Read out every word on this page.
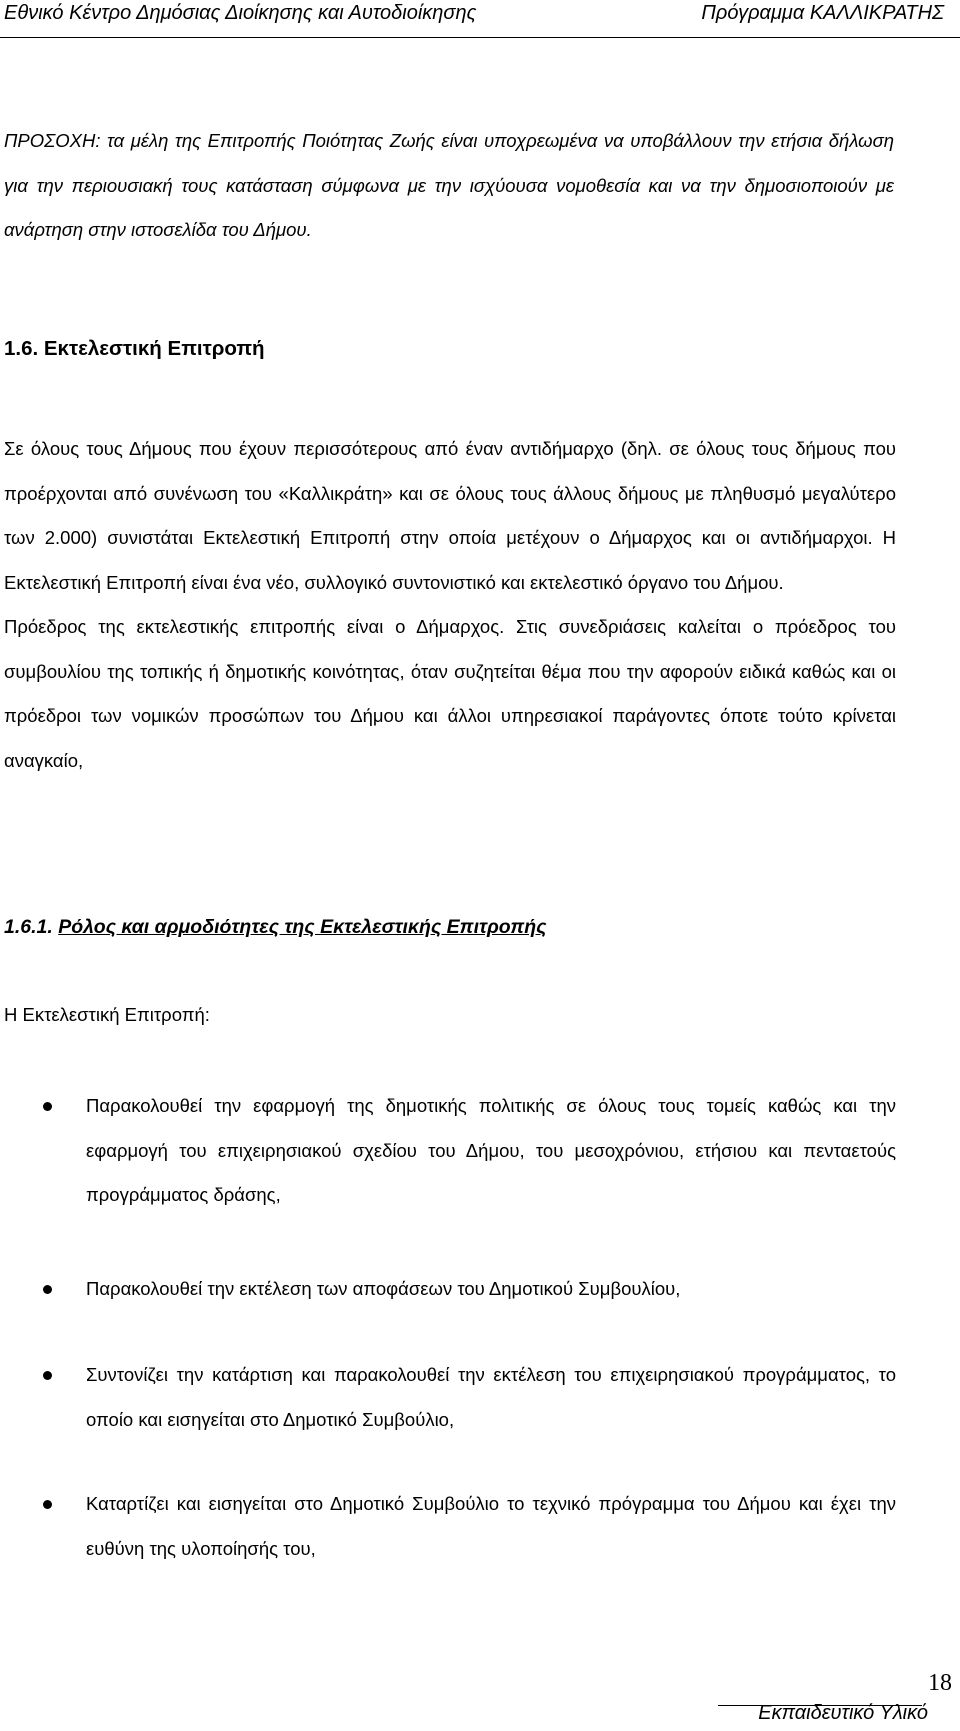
Εθνικό Κέντρο Δημόσιας Διοίκησης και Αυτοδιοίκησης	Πρόγραμμα ΚΑΛΛΙΚΡΑΤΗΣ

ΠΡΟΣΟΧΗ: τα μέλη της Επιτροπής Ποιότητας Ζωής είναι υποχρεωμένα να υποβάλλουν την ετήσια δήλωση για την περιουσιακή τους κατάσταση σύμφωνα με την ισχύουσα νομοθεσία και να την δημοσιοποιούν με ανάρτηση στην ιστοσελίδα του Δήμου.

1.6. Εκτελεστική Επιτροπή

Σε όλους τους Δήμους που έχουν περισσότερους από έναν αντιδήμαρχο (δηλ. σε όλους τους δήμους που προέρχονται από συνένωση του «Καλλικράτη» και σε όλους τους άλλους δήμους με πληθυσμό μεγαλύτερο των 2.000) συνιστάται Εκτελεστική Επιτροπή στην οποία μετέχουν ο Δήμαρχος και οι αντιδήμαρχοι. Η Εκτελεστική Επιτροπή είναι ένα νέο, συλλογικό συντονιστικό και εκτελεστικό όργανο του Δήμου.

Πρόεδρος της εκτελεστικής επιτροπής είναι ο Δήμαρχος. Στις συνεδριάσεις καλείται ο πρόεδρος του συμβουλίου της τοπικής ή δημοτικής κοινότητας, όταν συζητείται θέμα που την αφορούν ειδικά καθώς και οι πρόεδροι των νομικών προσώπων του Δήμου και άλλοι υπηρεσιακοί παράγοντες όποτε τούτο κρίνεται αναγκαίο,

1.6.1. Ρόλος και αρμοδιότητες της Εκτελεστικής Επιτροπής
Η Εκτελεστική Επιτροπή:

Παρακολουθεί την εφαρμογή της δημοτικής πολιτικής σε όλους τους τομείς καθώς και την εφαρμογή του επιχειρησιακού σχεδίου του Δήμου, του μεσοχρόνιου, ετήσιου και πενταετούς προγράμματος δράσης,

Παρακολουθεί την εκτέλεση των αποφάσεων του Δημοτικού Συμβουλίου,

Συντονίζει την κατάρτιση και παρακολουθεί την εκτέλεση του επιχειρησιακού προγράμματος, το οποίο και εισηγείται στο Δημοτικό Συμβούλιο,

Καταρτίζει και εισηγείται στο Δημοτικό Συμβούλιο το τεχνικό πρόγραμμα του Δήμου και έχει την ευθύνη της υλοποίησής του,

18
Εκπαιδευτικό Υλικό
